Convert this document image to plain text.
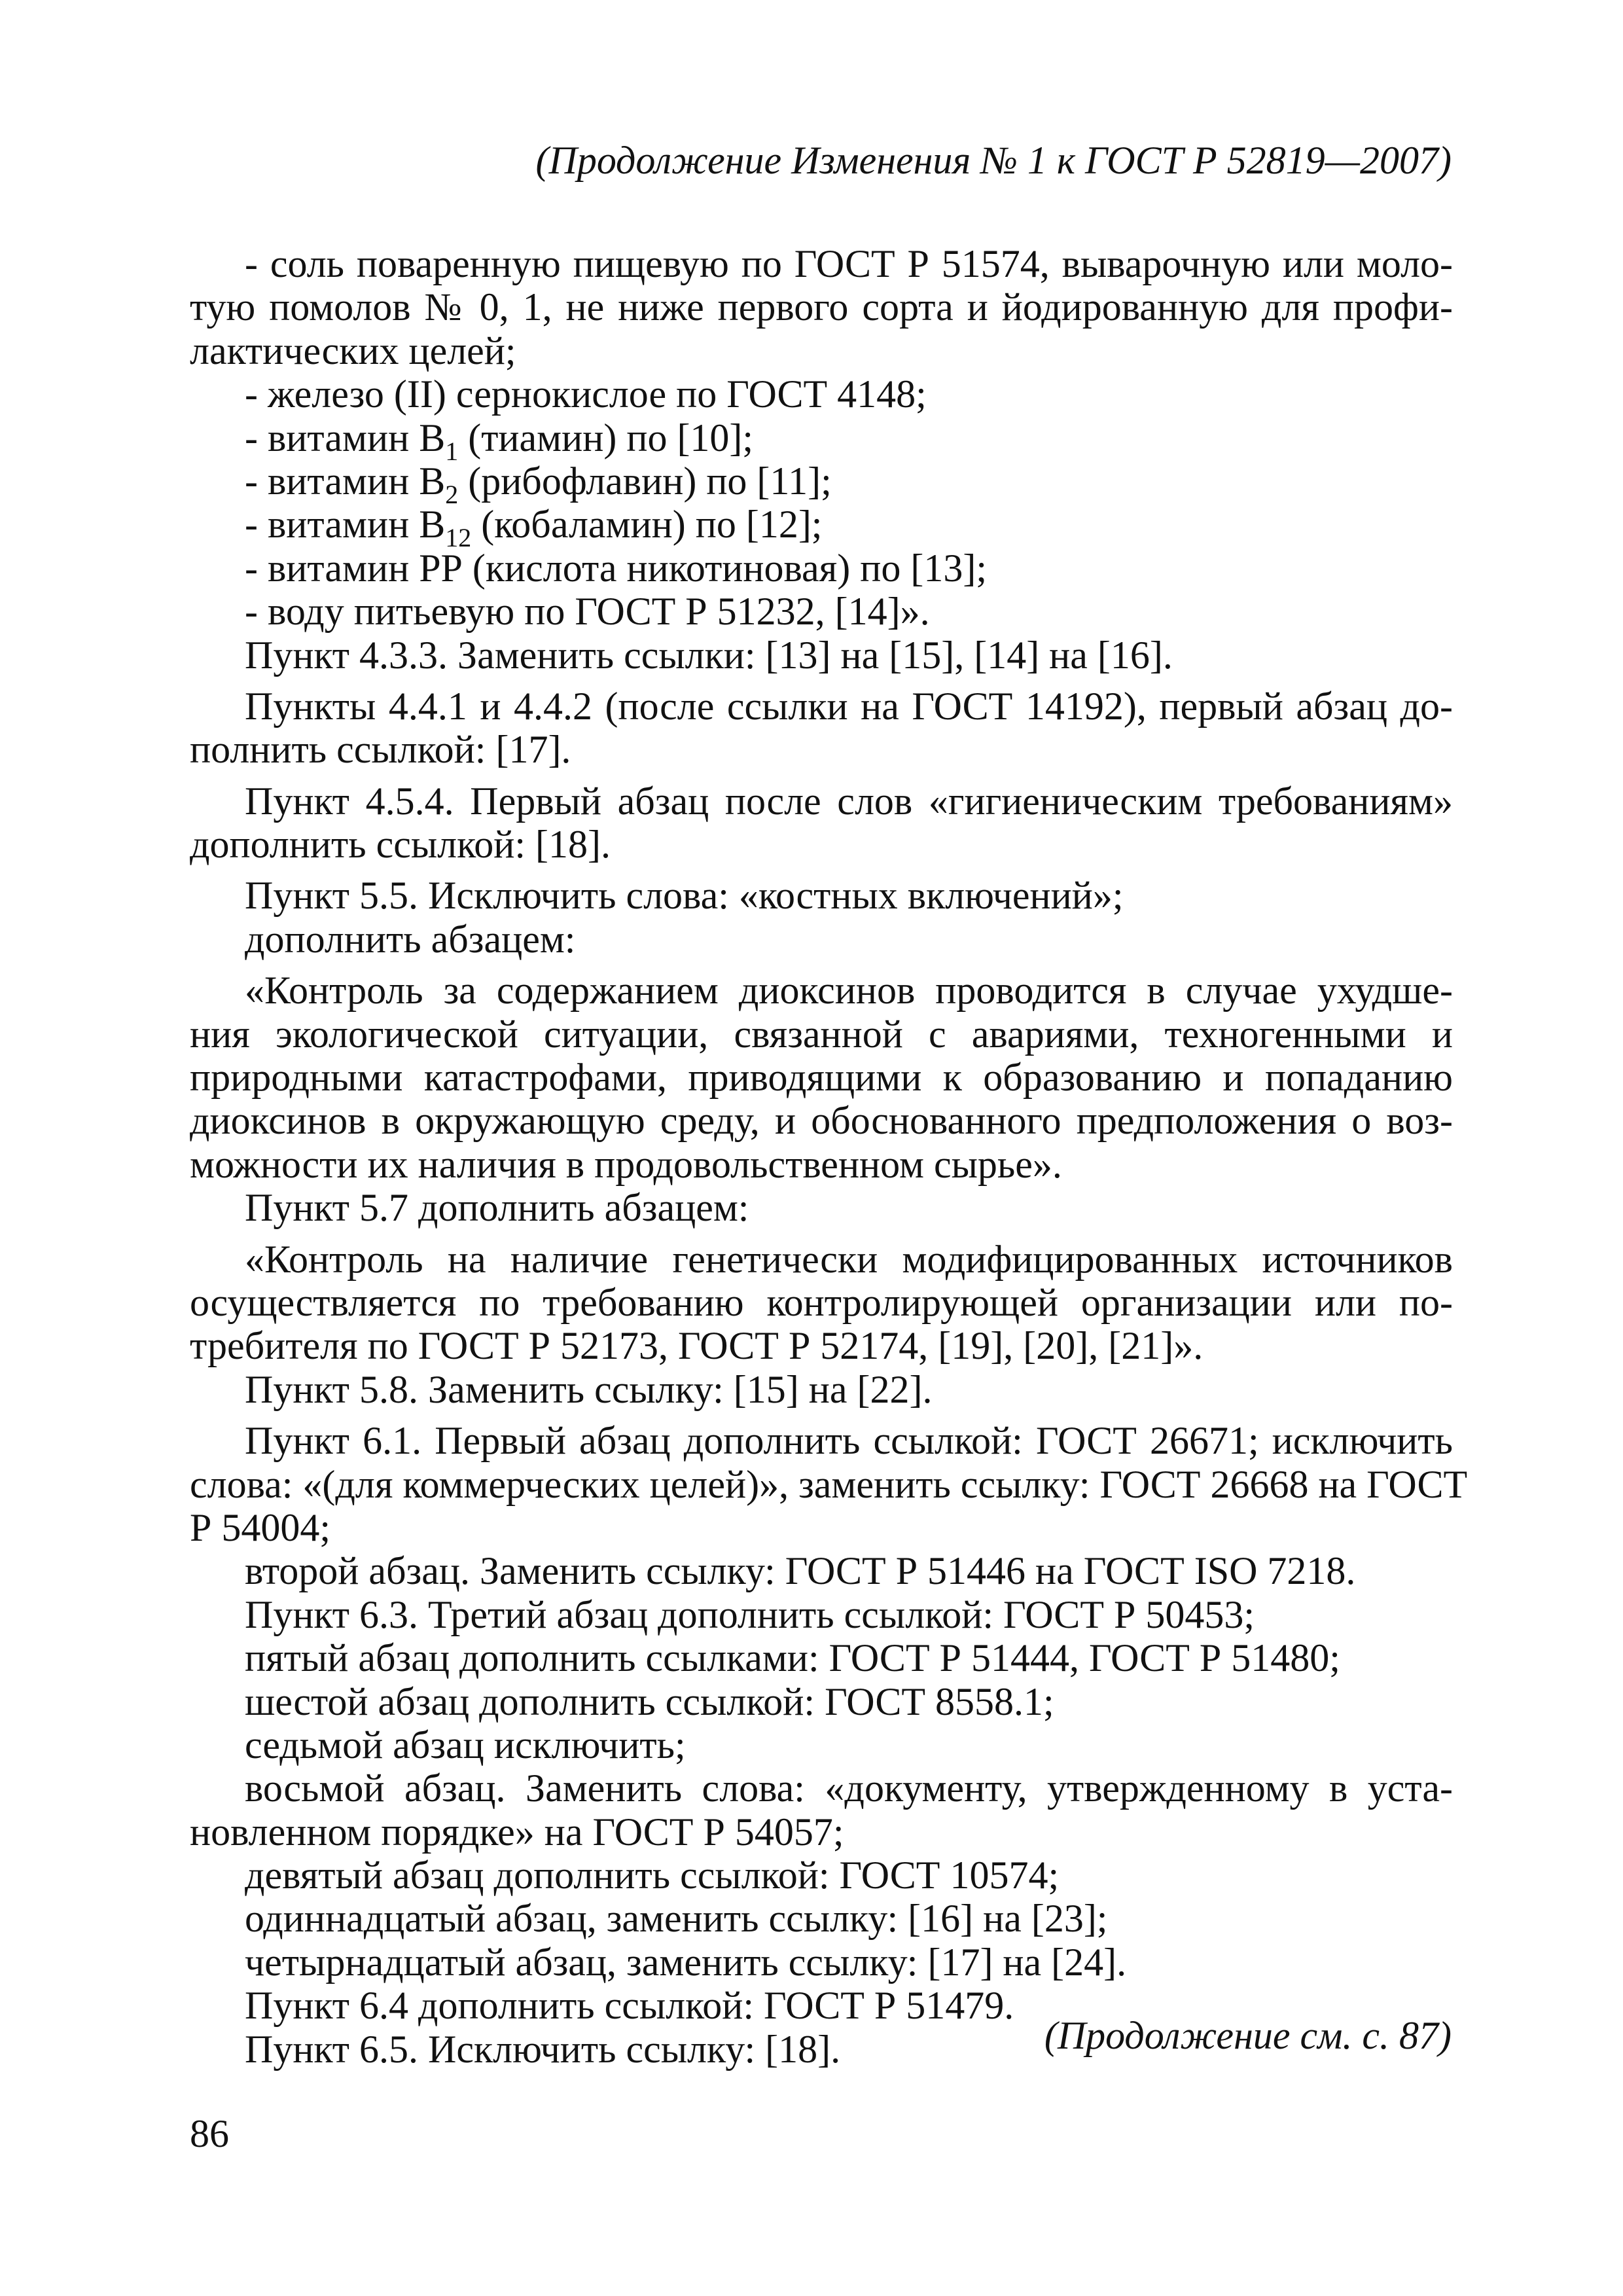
(Продолжение Изменения № 1 к ГОСТ Р 52819—2007)
- соль поваренную пищевую по ГОСТ Р 51574, выварочную или моло-
тую помолов № 0, 1, не ниже первого сорта и йодированную для профи-
лактических целей;
- железо (II) сернокислое по ГОСТ 4148;
- витамин $B_1$ (тиамин) по [10];
- витамин $B_2$ (рибофлавин) по [11];
- витамин $B_{12}$ (кобаламин) по [12];
- витамин РР (кислота никотиновая) по [13];
- воду питьевую по ГОСТ Р 51232, [14]».
Пункт 4.3.3. Заменить ссылки: [13] на [15], [14] на [16].
Пункты 4.4.1 и 4.4.2 (после ссылки на ГОСТ 14192), первый абзац до-
полнить ссылкой: [17].
Пункт 4.5.4. Первый абзац после слов «гигиеническим требованиям»
дополнить ссылкой: [18].
Пункт 5.5. Исключить слова: «костных включений»;
дополнить абзацем:
«Контроль за содержанием диоксинов проводится в случае ухудше-
ния экологической ситуации, связанной с авариями, техногенными и
природными катастрофами, приводящими к образованию и попаданию
диоксинов в окружающую среду, и обоснованного предположения о воз-
можности их наличия в продовольственном сырье».
Пункт 5.7 дополнить абзацем:
«Контроль на наличие генетически модифицированных источников
осуществляется по требованию контролирующей организации или по-
требителя по ГОСТ Р 52173, ГОСТ Р 52174, [19], [20], [21]».
Пункт 5.8. Заменить ссылку: [15] на [22].
Пункт 6.1. Первый абзац дополнить ссылкой: ГОСТ 26671; исключить
слова: «(для коммерческих целей)», заменить ссылку: ГОСТ 26668 на ГОСТ
Р 54004;
второй абзац. Заменить ссылку: ГОСТ Р 51446 на ГОСТ ISO 7218.
Пункт 6.3. Третий абзац дополнить ссылкой: ГОСТ Р 50453;
пятый абзац дополнить ссылками: ГОСТ Р 51444, ГОСТ Р 51480;
шестой абзац дополнить ссылкой: ГОСТ 8558.1;
седьмой абзац исключить;
восьмой абзац. Заменить слова: «документу, утвержденному в уста-
новленном порядке» на ГОСТ Р 54057;
девятый абзац дополнить ссылкой: ГОСТ 10574;
одиннадцатый абзац, заменить ссылку: [16] на [23];
четырнадцатый абзац, заменить ссылку: [17] на [24].
Пункт 6.4 дополнить ссылкой: ГОСТ Р 51479.
Пункт 6.5. Исключить ссылку: [18].	(Продолжение см. с. 87)
86
